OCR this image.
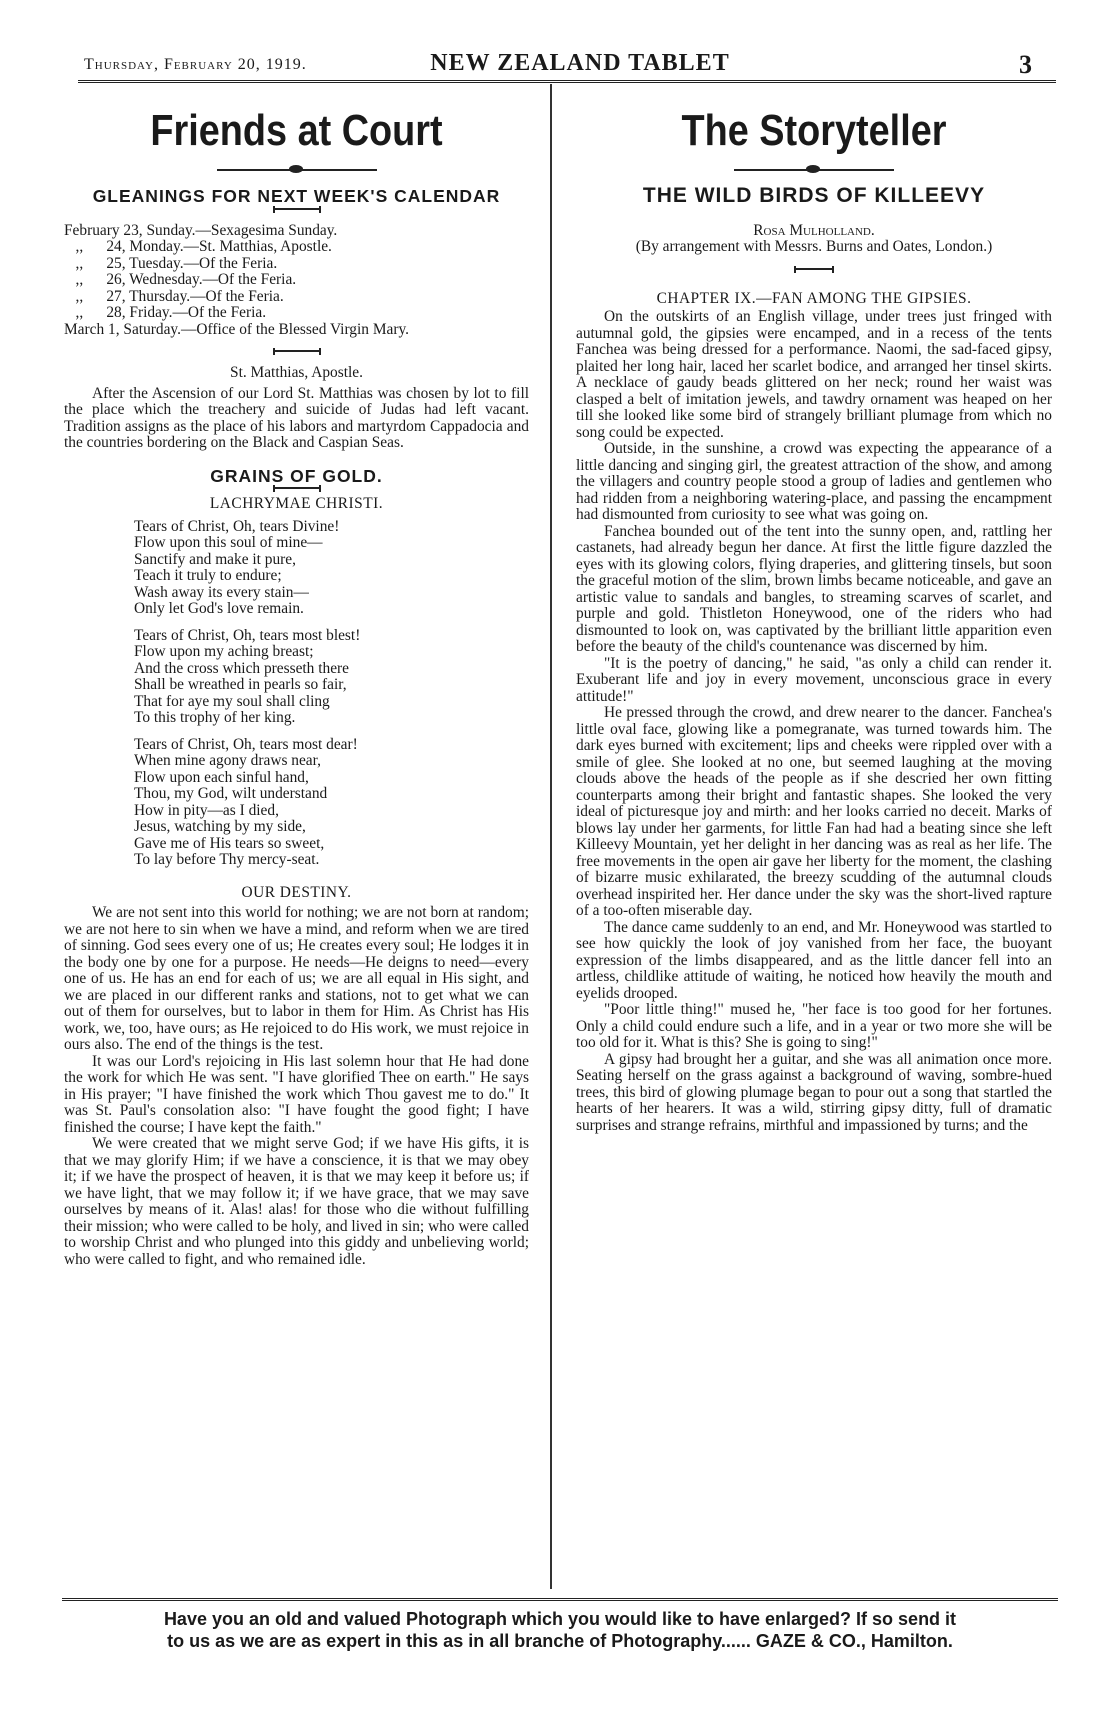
Thursday, February 20, 1919.	NEW ZEALAND TABLET	3
Friends at Court
GLEANINGS FOR NEXT WEEK'S CALENDAR
February 23, Sunday.—Sexagesima Sunday.
,,      24, Monday.—St. Matthias, Apostle.
,,      25, Tuesday.—Of the Feria.
,,      26, Wednesday.—Of the Feria.
,,      27, Thursday.—Of the Feria.
,,      28, Friday.—Of the Feria.
March 1, Saturday.—Office of the Blessed Virgin Mary.
St. Matthias, Apostle.

After the Ascension of our Lord St. Matthias was chosen by lot to fill the place which the treachery and suicide of Judas had left vacant. Tradition assigns as the place of his labors and martyrdom Cappadocia and the countries bordering on the Black and Caspian Seas.

GRAINS OF GOLD.
LACHRYMAE CHRISTI.
Tears of Christ, Oh, tears Divine!
Flow upon this soul of mine—
Sanctify and make it pure,
Teach it truly to endure;
Wash away its every stain—
Only let God's love remain.
Tears of Christ, Oh, tears most blest!
Flow upon my aching breast;
And the cross which presseth there
Shall be wreathed in pearls so fair,
That for aye my soul shall cling
To this trophy of her king.
Tears of Christ, Oh, tears most dear!
When mine agony draws near,
Flow upon each sinful hand,
Thou, my God, wilt understand
How in pity—as I died,
Jesus, watching by my side,
Gave me of His tears so sweet,
To lay before Thy mercy-seat.
OUR DESTINY.

We are not sent into this world for nothing; we are not born at random; we are not here to sin when we have a mind, and reform when we are tired of sinning. God sees every one of us; He creates every soul; He lodges it in the body one by one for a purpose. He needs—He deigns to need—every one of us. He has an end for each of us; we are all equal in His sight, and we are placed in our different ranks and stations, not to get what we can out of them for ourselves, but to labor in them for Him. As Christ has His work, we, too, have ours; as He rejoiced to do His work, we must rejoice in ours also. The end of the things is the test.

It was our Lord's rejoicing in His last solemn hour that He had done the work for which He was sent. "I have glorified Thee on earth." He says in His prayer; "I have finished the work which Thou gavest me to do." It was St. Paul's consolation also: "I have fought the good fight; I have finished the course; I have kept the faith."

We were created that we might serve God; if we have His gifts, it is that we may glorify Him; if we have a conscience, it is that we may obey it; if we have the prospect of heaven, it is that we may keep it before us; if we have light, that we may follow it; if we have grace, that we may save ourselves by means of it. Alas! alas! for those who die without fulfilling their mission; who were called to be holy, and lived in sin; who were called to worship Christ and who plunged into this giddy and unbelieving world; who were called to fight, and who remained idle.

The Storyteller
THE WILD BIRDS OF KILLEEVY
Rosa Mulholland.
(By arrangement with Messrs. Burns and Oates, London.)
CHAPTER IX.—FAN AMONG THE GIPSIES.

On the outskirts of an English village, under trees just fringed with autumnal gold, the gipsies were encamped, and in a recess of the tents Fanchea was being dressed for a performance. Naomi, the sad-faced gipsy, plaited her long hair, laced her scarlet bodice, and arranged her tinsel skirts. A necklace of gaudy beads glittered on her neck; round her waist was clasped a belt of imitation jewels, and tawdry ornament was heaped on her till she looked like some bird of strangely brilliant plumage from which no song could be expected.

Outside, in the sunshine, a crowd was expecting the appearance of a little dancing and singing girl, the greatest attraction of the show, and among the villagers and country people stood a group of ladies and gentlemen who had ridden from a neighboring watering-place, and passing the encampment had dismounted from curiosity to see what was going on.

Fanchea bounded out of the tent into the sunny open, and, rattling her castanets, had already begun her dance. At first the little figure dazzled the eyes with its glowing colors, flying draperies, and glittering tinsels, but soon the graceful motion of the slim, brown limbs became noticeable, and gave an artistic value to sandals and bangles, to streaming scarves of scarlet, and purple and gold. Thistleton Honeywood, one of the riders who had dismounted to look on, was captivated by the brilliant little apparition even before the beauty of the child's countenance was discerned by him.

"It is the poetry of dancing," he said, "as only a child can render it. Exuberant life and joy in every movement, unconscious grace in every attitude!"

He pressed through the crowd, and drew nearer to the dancer. Fanchea's little oval face, glowing like a pomegranate, was turned towards him. The dark eyes burned with excitement; lips and cheeks were rippled over with a smile of glee. She looked at no one, but seemed laughing at the moving clouds above the heads of the people as if she descried her own fitting counterparts among their bright and fantastic shapes. She looked the very ideal of picturesque joy and mirth: and her looks carried no deceit. Marks of blows lay under her garments, for little Fan had had a beating since she left Killeevy Mountain, yet her delight in her dancing was as real as her life. The free movements in the open air gave her liberty for the moment, the clashing of bizarre music exhilarated, the breezy scudding of the autumnal clouds overhead inspirited her. Her dance under the sky was the short-lived rapture of a too-often miserable day.

The dance came suddenly to an end, and Mr. Honeywood was startled to see how quickly the look of joy vanished from her face, the buoyant expression of the limbs disappeared, and as the little dancer fell into an artless, childlike attitude of waiting, he noticed how heavily the mouth and eyelids drooped.

"Poor little thing!" mused he, "her face is too good for her fortunes. Only a child could endure such a life, and in a year or two more she will be too old for it. What is this? She is going to sing!"

A gipsy had brought her a guitar, and she was all animation once more. Seating herself on the grass against a background of waving, sombre-hued trees, this bird of glowing plumage began to pour out a song that startled the hearts of her hearers. It was a wild, stirring gipsy ditty, full of dramatic surprises and strange refrains, mirthful and impassioned by turns; and the

Have you an old and valued Photograph which you would like to have enlarged? If so send it

to us as we are as expert in this as in all branche of Photography...... GAZE & CO., Hamilton.
